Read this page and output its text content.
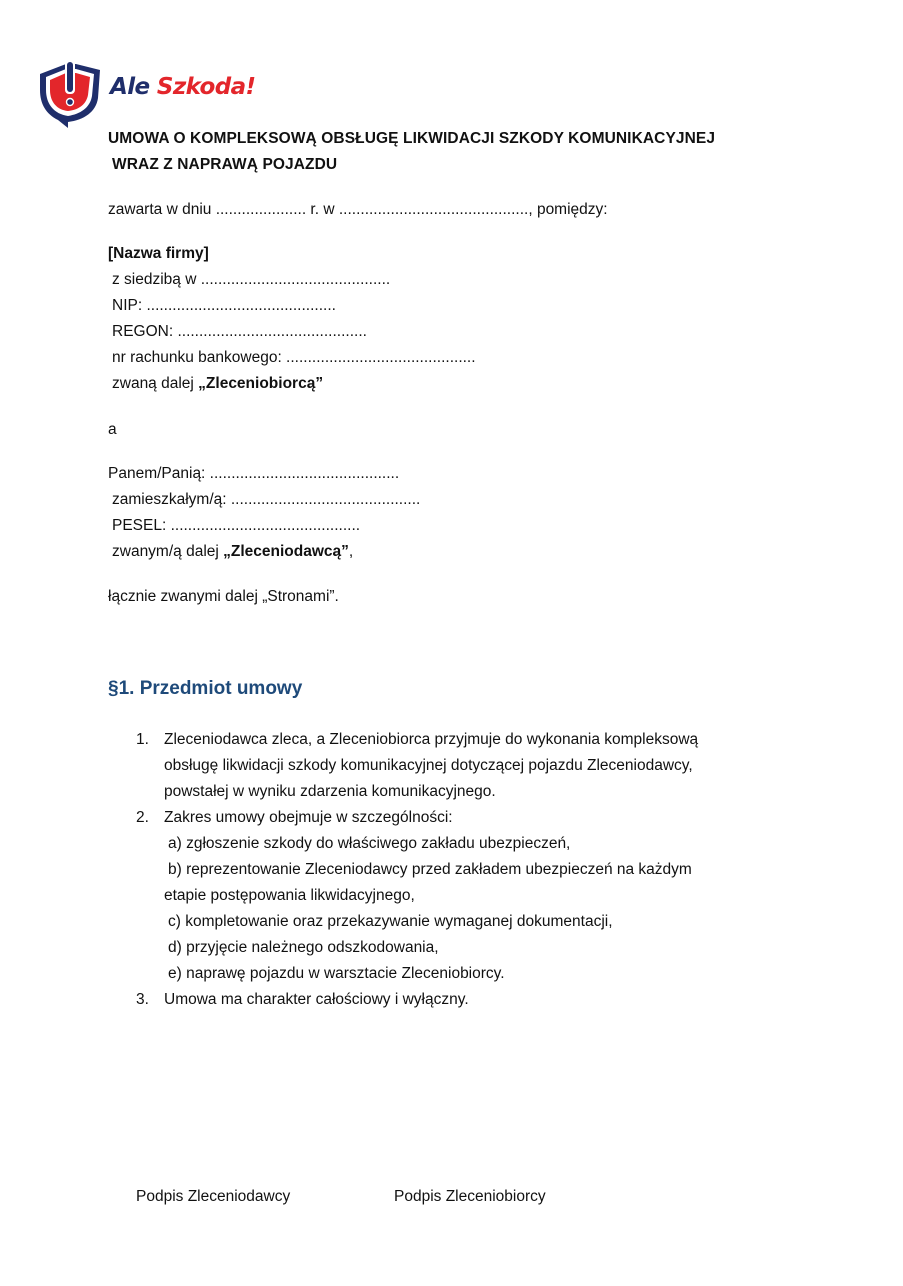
Ale Szkoda!
UMOWA O KOMPLEKSOWĄ OBSŁUGĘ LIKWIDACJI SZKODY KOMUNIKACYJNEJ
WRAZ Z NAPRAWĄ POJAZDU
zawarta w dniu ..................... r. w ............................................, pomiędzy:
[Nazwa firmy]
z siedzibą w ............................................
NIP: ............................................
REGON: ............................................
nr rachunku bankowego: ............................................
zwaną dalej „Zleceniobiorcą”
a
Panem/Panią: ............................................
zamieszkałym/ą: ............................................
PESEL: ............................................
zwanym/ą dalej „Zleceniodawcą”,
łącznie zwanymi dalej „Stronami”.
§1. Przedmiot umowy
1. Zleceniodawca zleca, a Zleceniobiorca przyjmuje do wykonania kompleksową
obsługę likwidacji szkody komunikacyjnej dotyczącej pojazdu Zleceniodawcy,
powstałej w wyniku zdarzenia komunikacyjnego.
2. Zakres umowy obejmuje w szczególności:
a) zgłoszenie szkody do właściwego zakładu ubezpieczeń,
b) reprezentowanie Zleceniodawcy przed zakładem ubezpieczeń na każdym
etapie postępowania likwidacyjnego,
c) kompletowanie oraz przekazywanie wymaganej dokumentacji,
d) przyjęcie należnego odszkodowania,
e) naprawę pojazdu w warsztacie Zleceniobiorcy.
3. Umowa ma charakter całościowy i wyłączny.
Podpis Zleceniodawcy	Podpis Zleceniobiorcy
